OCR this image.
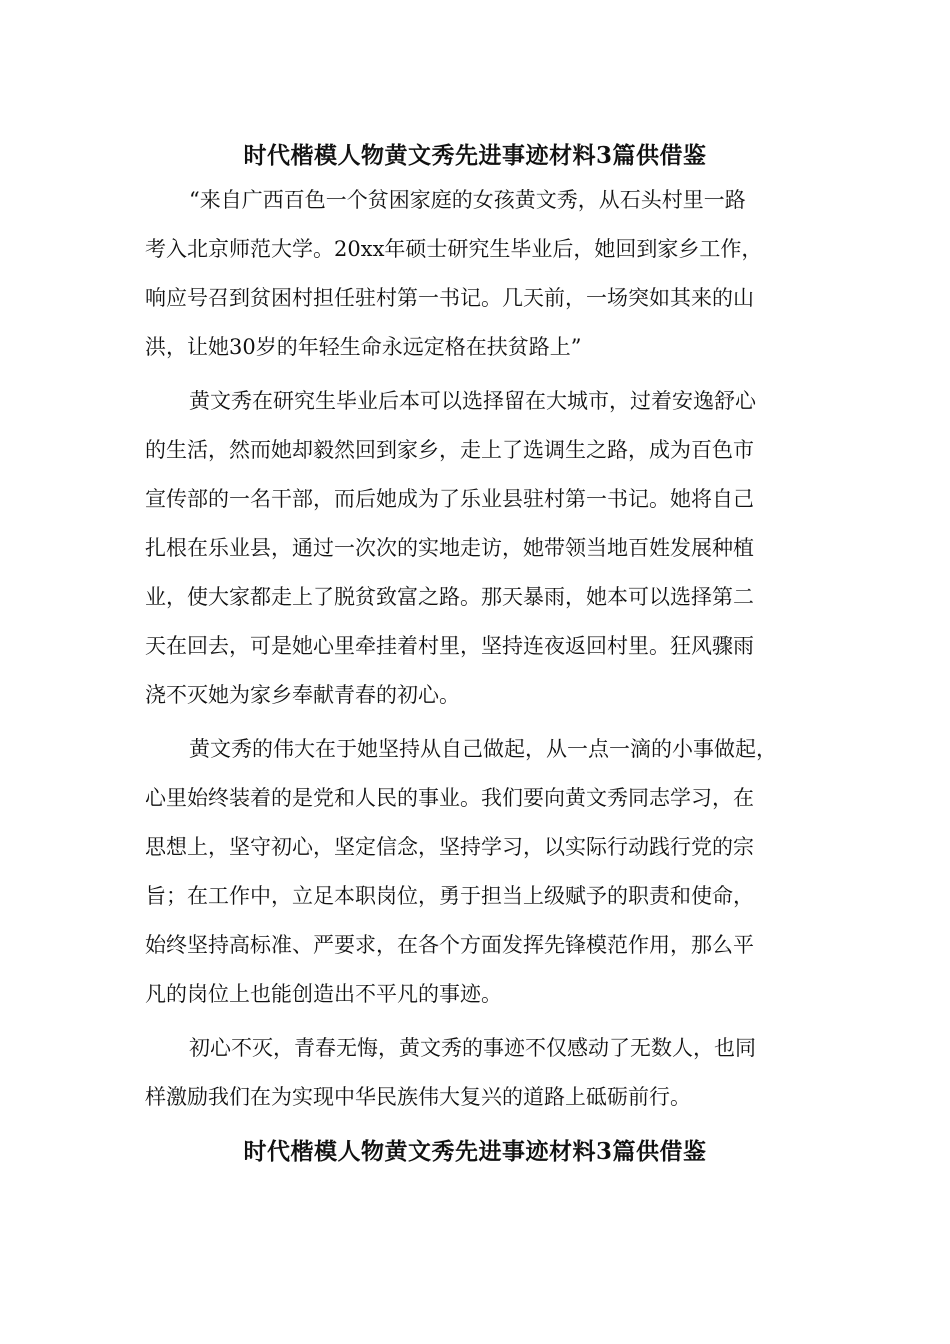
时代楷模人物黄文秀先进事迹材料3篇供借鉴
“来自广西百色一个贫困家庭的女孩黄文秀，从石头村里一路
考入北京师范大学。20xx年硕士研究生毕业后，她回到家乡工作，
响应号召到贫困村担任驻村第一书记。几天前，一场突如其来的山
洪，让她30岁的年轻生命永远定格在扶贫路上”
黄文秀在研究生毕业后本可以选择留在大城市，过着安逸舒心
的生活，然而她却毅然回到家乡，走上了选调生之路，成为百色市
宣传部的一名干部，而后她成为了乐业县驻村第一书记。她将自己
扎根在乐业县，通过一次次的实地走访，她带领当地百姓发展种植
业，使大家都走上了脱贫致富之路。那天暴雨，她本可以选择第二
天在回去，可是她心里牵挂着村里，坚持连夜返回村里。狂风骤雨
浇不灭她为家乡奉献青春的初心。
黄文秀的伟大在于她坚持从自己做起，从一点一滴的小事做起，
心里始终装着的是党和人民的事业。我们要向黄文秀同志学习，在
思想上，坚守初心，坚定信念，坚持学习，以实际行动践行党的宗
旨；在工作中，立足本职岗位，勇于担当上级赋予的职责和使命，
始终坚持高标准、严要求，在各个方面发挥先锋模范作用，那么平
凡的岗位上也能创造出不平凡的事迹。
初心不灭，青春无悔，黄文秀的事迹不仅感动了无数人，也同
样激励我们在为实现中华民族伟大复兴的道路上砥砺前行。
时代楷模人物黄文秀先进事迹材料3篇供借鉴
